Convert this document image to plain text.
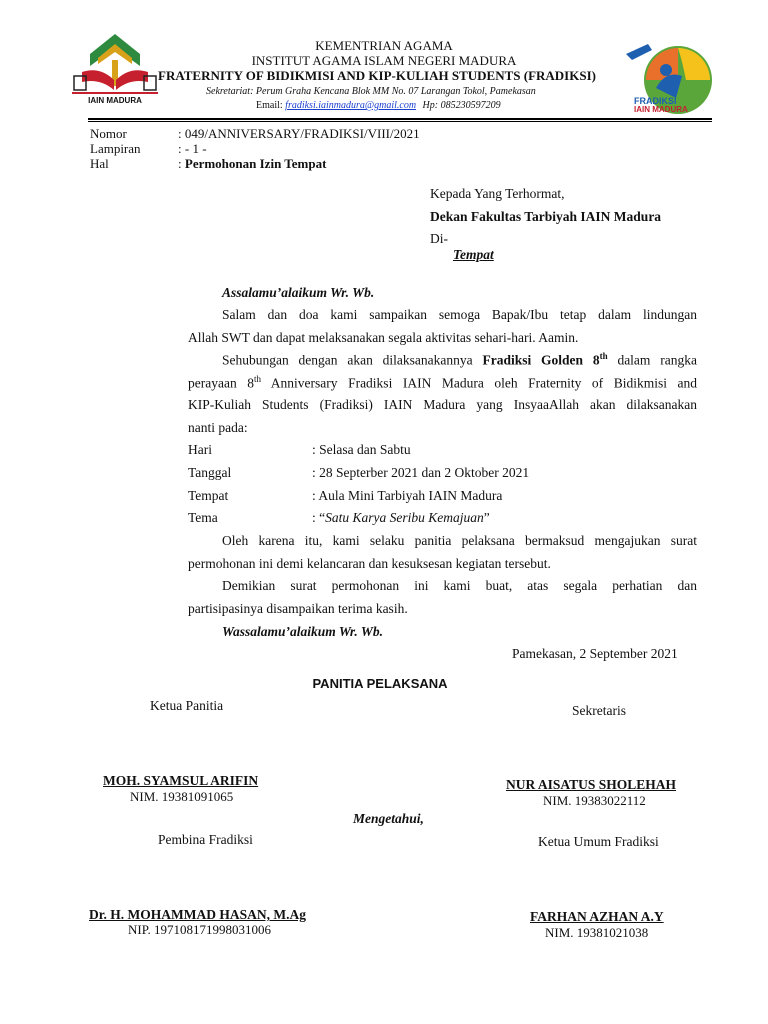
IAIN MADURA	FRADIKSI
IAIN MADURA
KEMENTRIAN AGAMA
INSTITUT AGAMA ISLAM NEGERI MADURA
FRATERNITY OF BIDIKMISI AND KIP-KULIAH STUDENTS (FRADIKSI)
Sekretariat: Perum Graha Kencana Blok MM No. 07 Larangan Tokol, Pamekasan
Email: fradiksi.iainmadura@gmail.com Hp: 085230597209
Nomor	: 049/ANNIVERSARY/FRADIKSI/VIII/2021
Lampiran	: - 1 -
Hal	: Permohonan Izin Tempat
Kepada Yang Terhormat,
Dekan Fakultas Tarbiyah IAIN Madura
Di-
Tempat
Assalamu’alaikum Wr. Wb.
Salam dan doa kami sampaikan semoga Bapak/Ibu tetap dalam lindungan
Allah SWT dan dapat melaksanakan segala aktivitas sehari-hari. Aamin.
Sehubungan dengan akan dilaksanakannya Fradiksi Golden 8th dalam rangka
perayaan 8th Anniversary Fradiksi IAIN Madura oleh Fraternity of Bidikmisi and
KIP-Kuliah Students (Fradiksi) IAIN Madura yang InsyaaAllah akan dilaksanakan
nanti pada:
Hari	: Selasa dan Sabtu
Tanggal	: 28 Septerber 2021 dan 2 Oktober 2021
Tempat	: Aula Mini Tarbiyah IAIN Madura
Tema	: “Satu Karya Seribu Kemajuan”
Oleh karena itu, kami selaku panitia pelaksana bermaksud mengajukan surat
permohonan ini demi kelancaran dan kesuksesan kegiatan tersebut.
Demikian surat permohonan ini kami buat, atas segala perhatian dan
partisipasinya disampaikan terima kasih.
Wassalamu’alaikum Wr. Wb.
Pamekasan, 2 September 2021
PANITIA PELAKSANA
Ketua Panitia	Sekretaris
MOH. SYAMSUL ARIFIN
NIM. 19381091065
NUR AISATUS SHOLEHAH
NIM. 19383022112
Mengetahui,
Pembina Fradiksi	Ketua Umum Fradiksi
Dr. H. MOHAMMAD HASAN, M.Ag
NIP. 197108171998031006
FARHAN AZHAN A.Y
NIM. 19381021038
